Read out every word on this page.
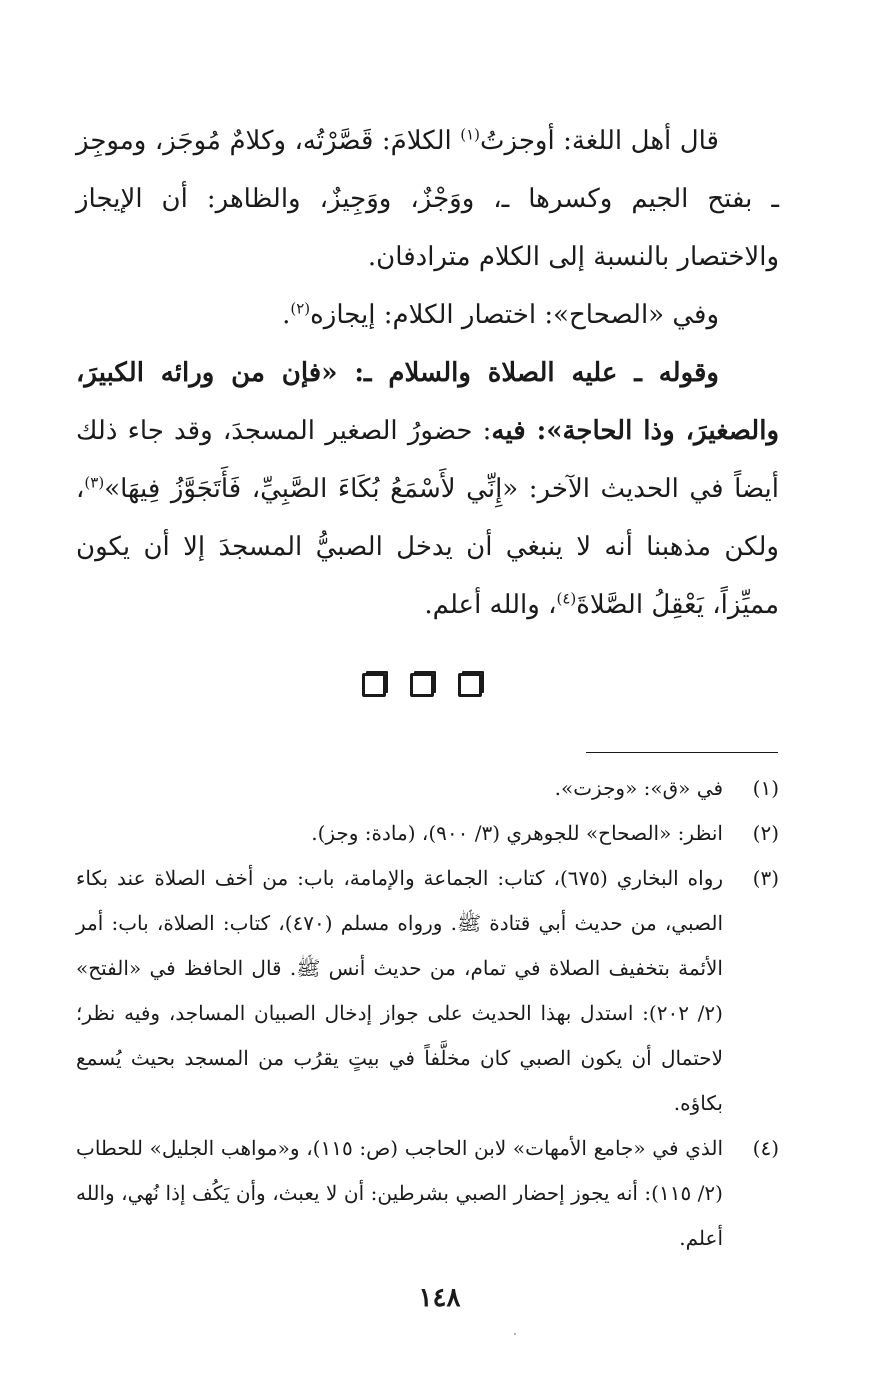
قال أهل اللغة: أوجزتُ$^{(١)}$ الكلامَ: قَصَّرْتُه، وكلامٌ مُوجَز، وموجِز ـ بفتح الجيم وكسرها ـ، ووَجْزٌ، ووَجِيزٌ، والظاهر: أن الإيجاز والاختصار بالنسبة إلى الكلام مترادفان.

وفي «الصحاح»: اختصار الكلام: إيجازه$^{(٢)}$.

وقوله ـ عليه الصلاة والسلام ـ: «فإن من ورائه الكبيرَ، والصغيرَ، وذا الحاجة»: فيه: حضورُ الصغير المسجدَ، وقد جاء ذلك أيضاً في الحديث الآخر: «إِنِّي لأَسْمَعُ بُكَاءَ الصَّبِيِّ، فَأَتَجَوَّزُ فِيهَا»$^{(٣)}$، ولكن مذهبنا أنه لا ينبغي أن يدخل الصبيُّ المسجدَ إلا أن يكون مميِّزاً، يَعْقِلُ الصَّلاةَ$^{(٤)}$، والله أعلم.

(١)
في «ق»: «وجزت».
(٢)
انظر: «الصحاح» للجوهري (٣/ ٩٠٠)، (مادة: وجز).
(٣)
رواه البخاري (٦٧٥)، كتاب: الجماعة والإمامة، باب: من أخف الصلاة عند بكاء الصبي، من حديث أبي قتادة ﷺ. ورواه مسلم (٤٧٠)، كتاب: الصلاة، باب: أمر الأئمة بتخفيف الصلاة في تمام، من حديث أنس ﷺ. قال الحافظ في «الفتح» (٢/ ٢٠٢): استدل بهذا الحديث على جواز إدخال الصبيان المساجد، وفيه نظر؛ لاحتمال أن يكون الصبي كان مخلَّفاً في بيتٍ يقرُب من المسجد بحيث يُسمع بكاؤه.
(٤)
الذي في «جامع الأمهات» لابن الحاجب (ص: ١١٥)، و«مواهب الجليل» للحطاب (٢/ ١١٥): أنه يجوز إحضار الصبي بشرطين: أن لا يعبث، وأن يَكُف إذا نُهي، والله أعلم.
١٤٨
